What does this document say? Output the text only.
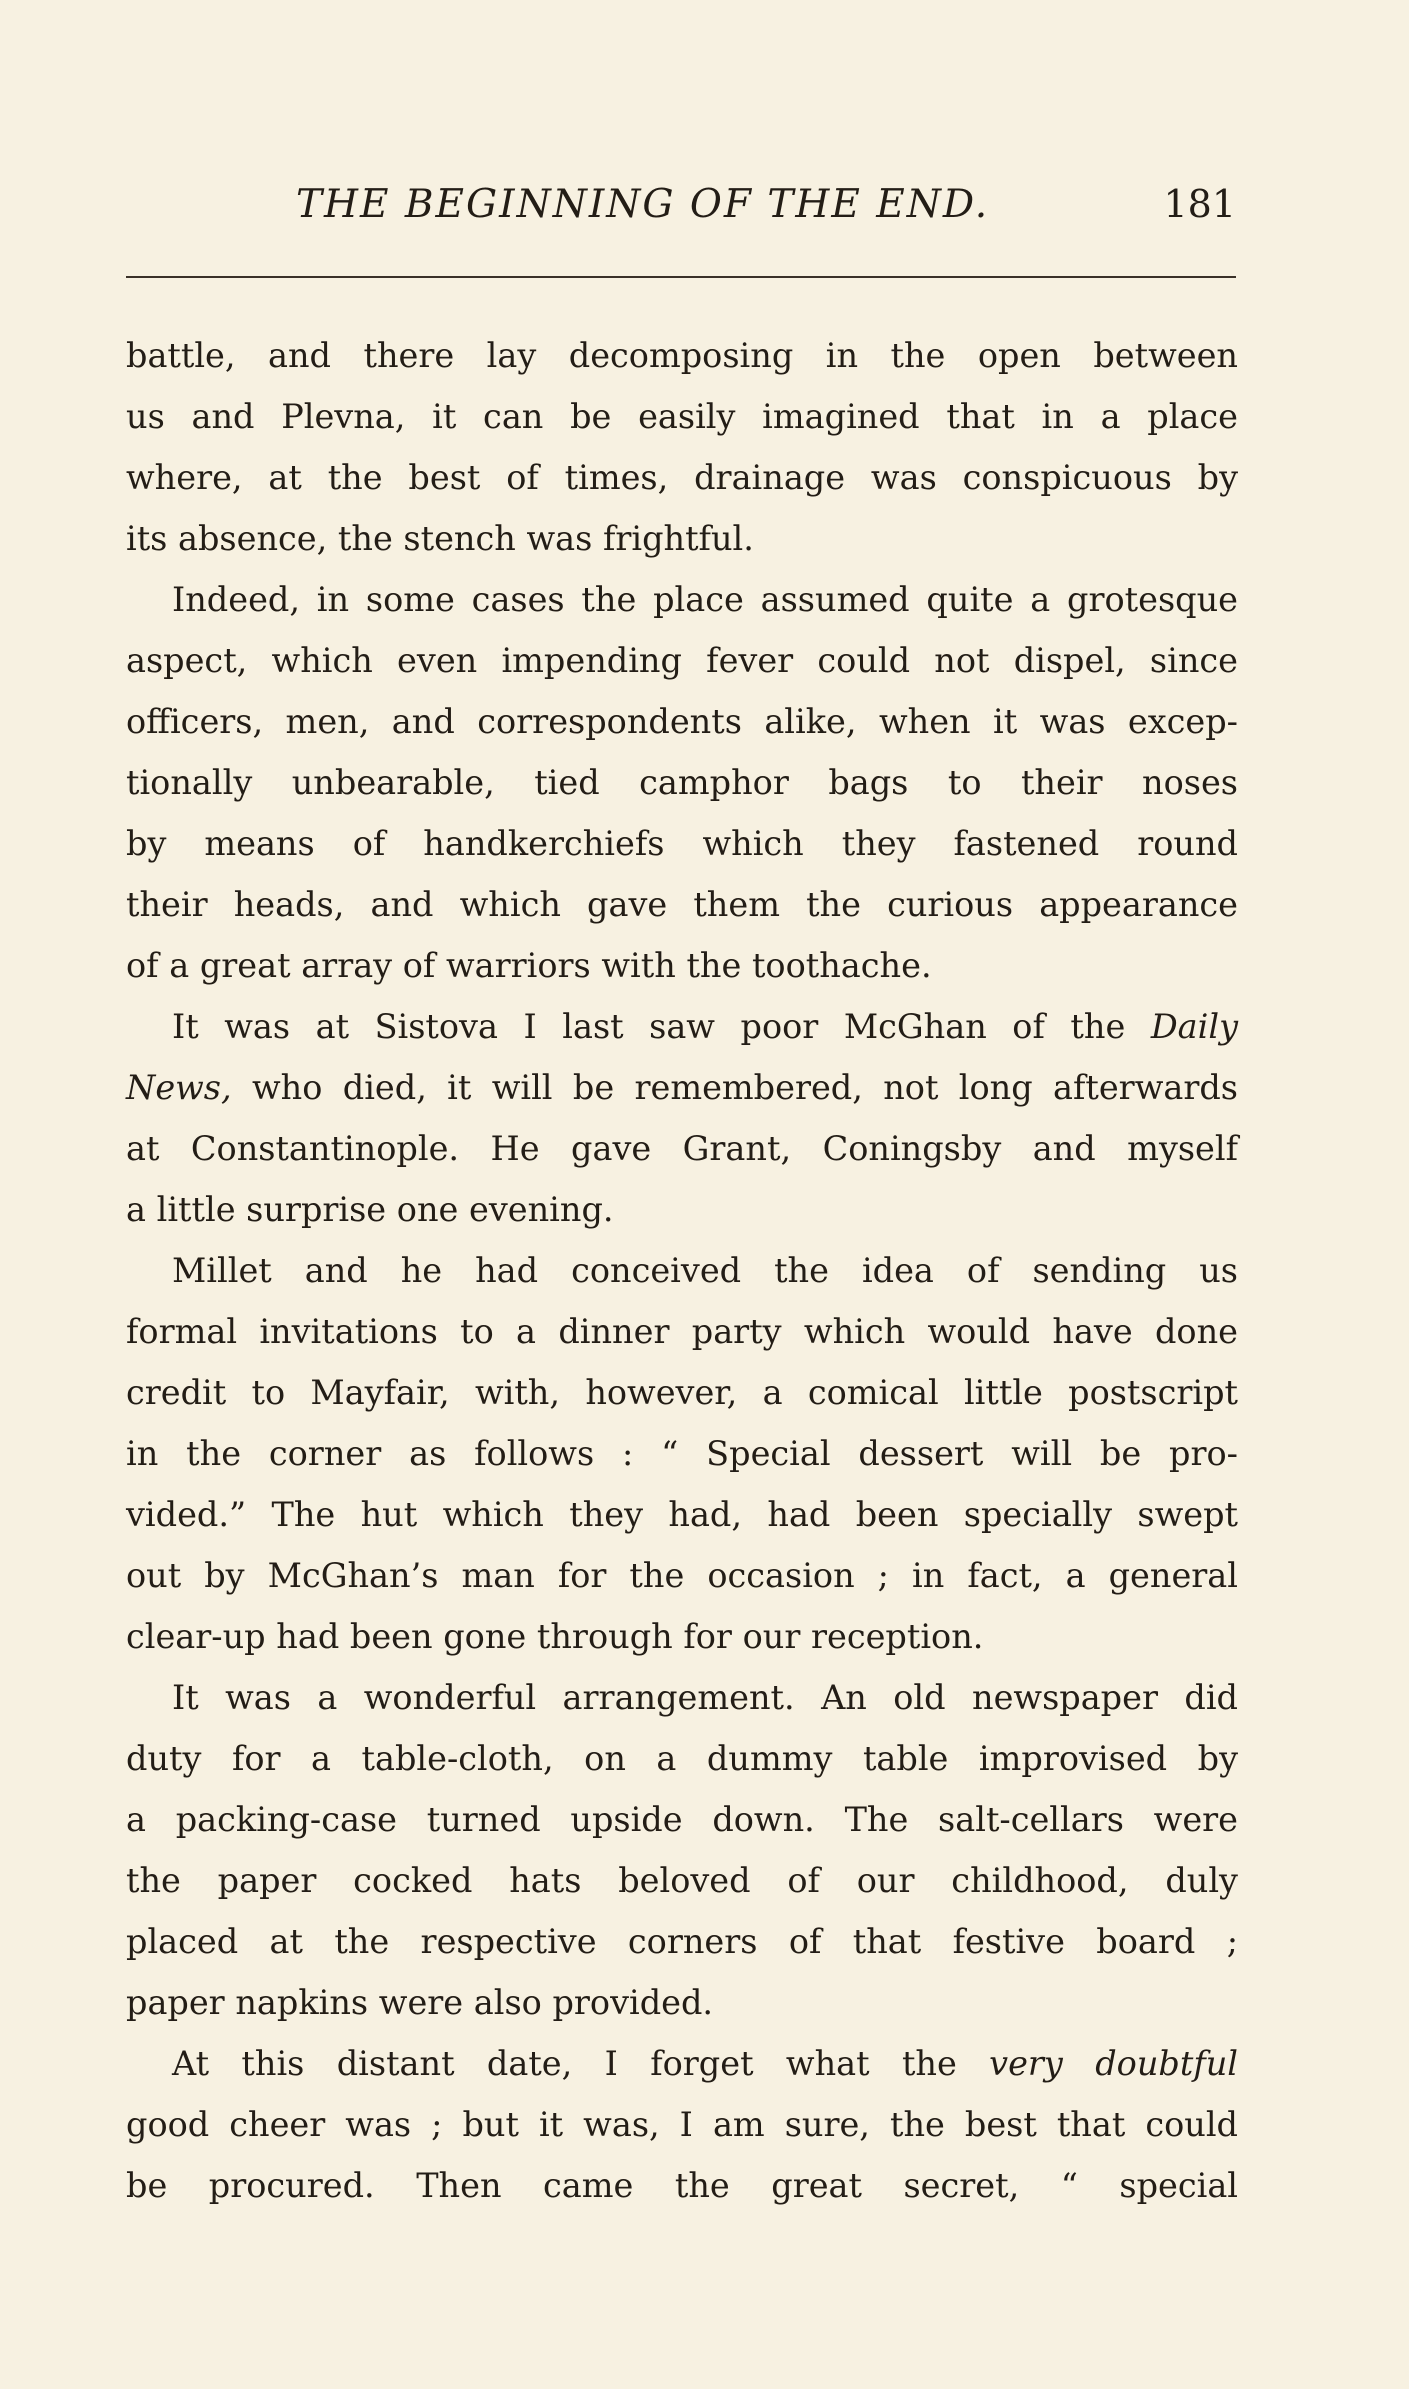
THE BEGINNING OF THE END.	181
battle, and there lay decomposing in the open between
us and Plevna, it can be easily imagined that in a place
where, at the best of times, drainage was conspicuous by
its absence, the stench was frightful.
Indeed, in some cases the place assumed quite a grotesque
aspect, which even impending fever could not dispel, since
officers, men, and correspondents alike, when it was excep-
tionally unbearable, tied camphor bags to their noses
by means of handkerchiefs which they fastened round
their heads, and which gave them the curious appearance
of a great array of warriors with the toothache.
It was at Sistova I last saw poor McGhan of the Daily
News, who died, it will be remembered, not long afterwards
at Constantinople. He gave Grant, Coningsby and myself
a little surprise one evening.
Millet and he had conceived the idea of sending us
formal invitations to a dinner party which would have done
credit to Mayfair, with, however, a comical little postscript
in the corner as follows : “ Special dessert will be pro-
vided.” The hut which they had, had been specially swept
out by McGhan’s man for the occasion ; in fact, a general
clear-up had been gone through for our reception.
It was a wonderful arrangement. An old newspaper did
duty for a table-cloth, on a dummy table improvised by
a packing-case turned upside down. The salt-cellars were
the paper cocked hats beloved of our childhood, duly
placed at the respective corners of that festive board ;
paper napkins were also provided.
At this distant date, I forget what the very doubtful
good cheer was ; but it was, I am sure, the best that could
be procured. Then came the great secret, “ special
